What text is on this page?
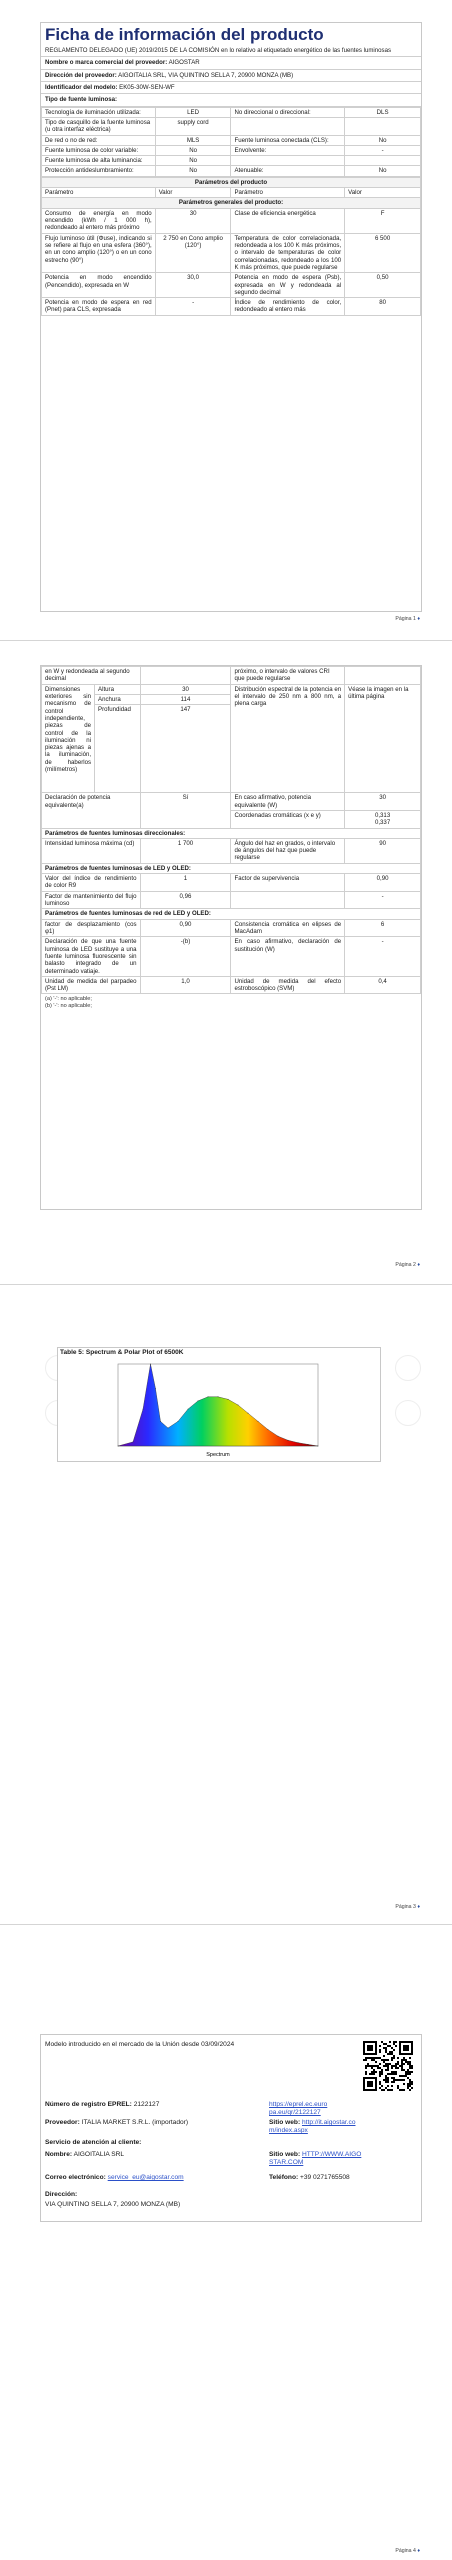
Ficha de información del producto
REGLAMENTO DELEGADO (UE) 2019/2015 DE LA COMISIÓN en lo relativo al etiquetado energético de las fuentes luminosas
Nombre o marca comercial del proveedor: AIGOSTAR
Dirección del proveedor: AIGOITALIA SRL, VIA QUINTINO SELLA 7, 20900 MONZA (MB)
Identificador del modelo: EK05-30W-SEN-WF
Tipo de fuente luminosa:
Tecnología de iluminación utilizada:	LED	No direccional o direccional:	DLS
Tipo de casquillo de la fuente luminosa
(u otra interfaz eléctrica)	supply cord		
De red o no de red:	MLS	Fuente luminosa conectada (CLS):	No
Fuente luminosa de color variable:	No	Envolvente:	-
Fuente luminosa de alta luminancia:	No		
Protección antideslumbramiento:	No	Atenuable:	No
Parámetros del producto			
Parámetro	Valor	Parámetro	Valor
Parámetros generales del producto:			
Consumo de energía en modo encendido (kWh / 1 000 h), redondeado al entero más próximo	30	Clase de eficiencia energética	F
Flujo luminoso útil (Φuse), indicando si se refiere al flujo en una esfera (360°), en un cono amplio (120°) o en un cono estrecho (90°)	2 750 en Cono amplio (120°)	Temperatura de color correlacionada, redondeada a los 100 K más próximos, o intervalo de temperaturas de color correlacionadas, redondeado a los 100 K más próximos, que puede regularse	6 500
Potencia en modo encendido (Pencendido), expresada en W	30,0	Potencia en modo de espera (Psb), expresada en W y redondeada al segundo decimal	0,50
Potencia en modo de espera en red (Pnet) para CLS, expresada	-	Índice de rendimiento de color, redondeado al entero más	80
Página 1 ♦
en W y redondeada al segundo decimal			próximo, o intervalo de valores CRI que puede regularse	
Dimensiones exteriores sin mecanismo de control independiente, piezas de control de la iluminación ni piezas ajenas a la iluminación, de haberlos (milímetros)	Altura	30	Distribución espectral de la potencia en el intervalo de 250 nm a 800 nm, a plena carga	Véase la imagen en la última página
	Anchura	114		
	Profundidad	147		
Declaración de potencia equivalente(a)		Sí	En caso afirmativo, potencia equivalente (W)	30
			Coordenadas cromáticas (x e y)	0,313
0,337

Parámetros de fuentes luminosas direccionales:				
Intensidad luminosa máxima (cd)		1 700	Ángulo del haz en grados, o intervalo de ángulos del haz que puede regularse	90
Parámetros de fuentes luminosas de LED y OLED:				
Valor del índice de rendimiento de color R9		1	Factor de supervivencia	0,90
Factor de mantenimiento del flujo luminoso		0,96		-
Parámetros de fuentes luminosas de red de LED y OLED:				
factor de desplazamiento (cos φ1)		0,90	Consistencia cromática en elipses de MacAdam	6
Declaración de que una fuente luminosa de LED sustituye a una fuente luminosa fluorescente sin balasto integrado de un determinado vatiaje.		-(b)	En caso afirmativo, declaración de sustitución (W)	-
Unidad de medida del parpadeo (Pst LM)		1,0	Unidad de medida del efecto estroboscópico (SVM)	0,4
(a) '-': no aplicable;
(b) '-': no aplicable;
Página 2 ♦
Table 5: Spectrum & Polar Plot of 6500K
Spectrum
Página 3 ♦
Modelo introducido en el mercado de la Unión desde 03/09/2024
Número de registro EPREL: 2122127	https://eprel.ec.europa.eu/qr/2122127
Proveedor: ITALIA MARKET S.R.L. (importador)	Sitio web: http://it.aigostar.com/index.aspx
Servicio de atención al cliente:
Nombre: AIGOITALIA SRL	Sitio web: HTTP://WWW.AIGOSTAR.COM
Correo electrónico: service_eu@aigostar.com	Teléfono: +39 0271765508
Dirección:
VIA QUINTINO SELLA 7, 20900 MONZA (MB)
Página 4 ♦
